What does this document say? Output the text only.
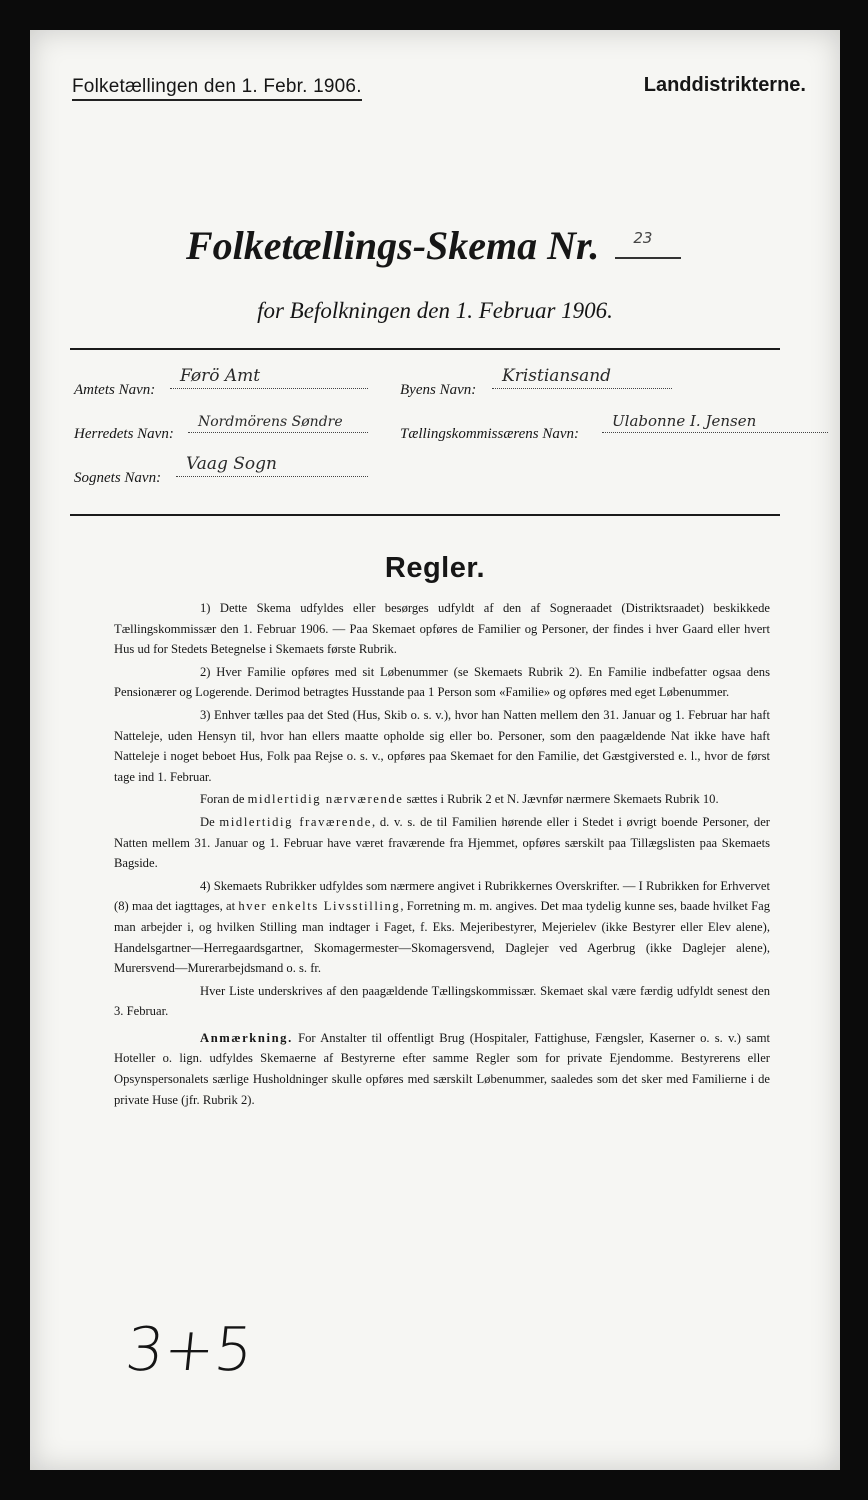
Folketællingen den 1. Febr. 1906.	Landdistrikterne.
Folketællings-Skema Nr. 23
for Befolkningen den 1. Februar 1906.
Amtets Navn:
Førö Amt
Byens Navn:
Kristiansand
Herredets Navn:
Nordmörens Søndre
Tællingskommissærens Navn:
Ulabonne I. Jensen
Sognets Navn:
Vaag Sogn
Regler.

1) Dette Skema udfyldes eller besørges udfyldt af den af Sogneraadet (Distriktsraadet) beskikkede Tællingskommissær den 1. Februar 1906. — Paa Skemaet opføres de Familier og Personer, der findes i hver Gaard eller hvert Hus ud for Stedets Betegnelse i Skemaets første Rubrik.

2) Hver Familie opføres med sit Løbenummer (se Skemaets Rubrik 2). En Familie indbefatter ogsaa dens Pensionærer og Logerende. Derimod betragtes Husstande paa 1 Person som «Familie» og opføres med eget Løbenummer.

3) Enhver tælles paa det Sted (Hus, Skib o. s. v.), hvor han Natten mellem den 31. Januar og 1. Februar har haft Natteleje, uden Hensyn til, hvor han ellers maatte opholde sig eller bo. Personer, som den paagældende Nat ikke have haft Natteleje i noget beboet Hus, Folk paa Rejse o. s. v., opføres paa Skemaet for den Familie, det Gæstgiversted e. l., hvor de først tage ind 1. Februar.

Foran de midlertidig nærværende sættes i Rubrik 2 et N. Jævnfør nærmere Skemaets Rubrik 10.

De midlertidig fraværende, d. v. s. de til Familien hørende eller i Stedet i øvrigt boende Personer, der Natten mellem 31. Januar og 1. Februar have været fraværende fra Hjemmet, opføres særskilt paa Tillægslisten paa Skemaets Bagside.

4) Skemaets Rubrikker udfyldes som nærmere angivet i Rubrikkernes Overskrifter. — I Rubrikken for Erhvervet (8) maa det iagttages, at hver enkelts Livsstilling, Forretning m. m. angives. Det maa tydelig kunne ses, baade hvilket Fag man arbejder i, og hvilken Stilling man indtager i Faget, f. Eks. Mejeribestyrer, Mejerielev (ikke Bestyrer eller Elev alene), Handelsgartner—Herregaardsgartner, Skomagermester—Skomagersvend, Daglejer ved Agerbrug (ikke Daglejer alene), Murersvend—Murerarbejdsmand o. s. fr.

Hver Liste underskrives af den paagældende Tællingskommissær. Skemaet skal være færdig udfyldt senest den 3. Februar.

Anmærkning. For Anstalter til offentligt Brug (Hospitaler, Fattighuse, Fængsler, Kaserner o. s. v.) samt Hoteller o. lign. udfyldes Skemaerne af Bestyrerne efter samme Regler som for private Ejendomme. Bestyrerens eller Opsynspersonalets særlige Husholdninger skulle opføres med særskilt Løbenummer, saaledes som det sker med Familierne i de private Huse (jfr. Rubrik 2).

3+5
